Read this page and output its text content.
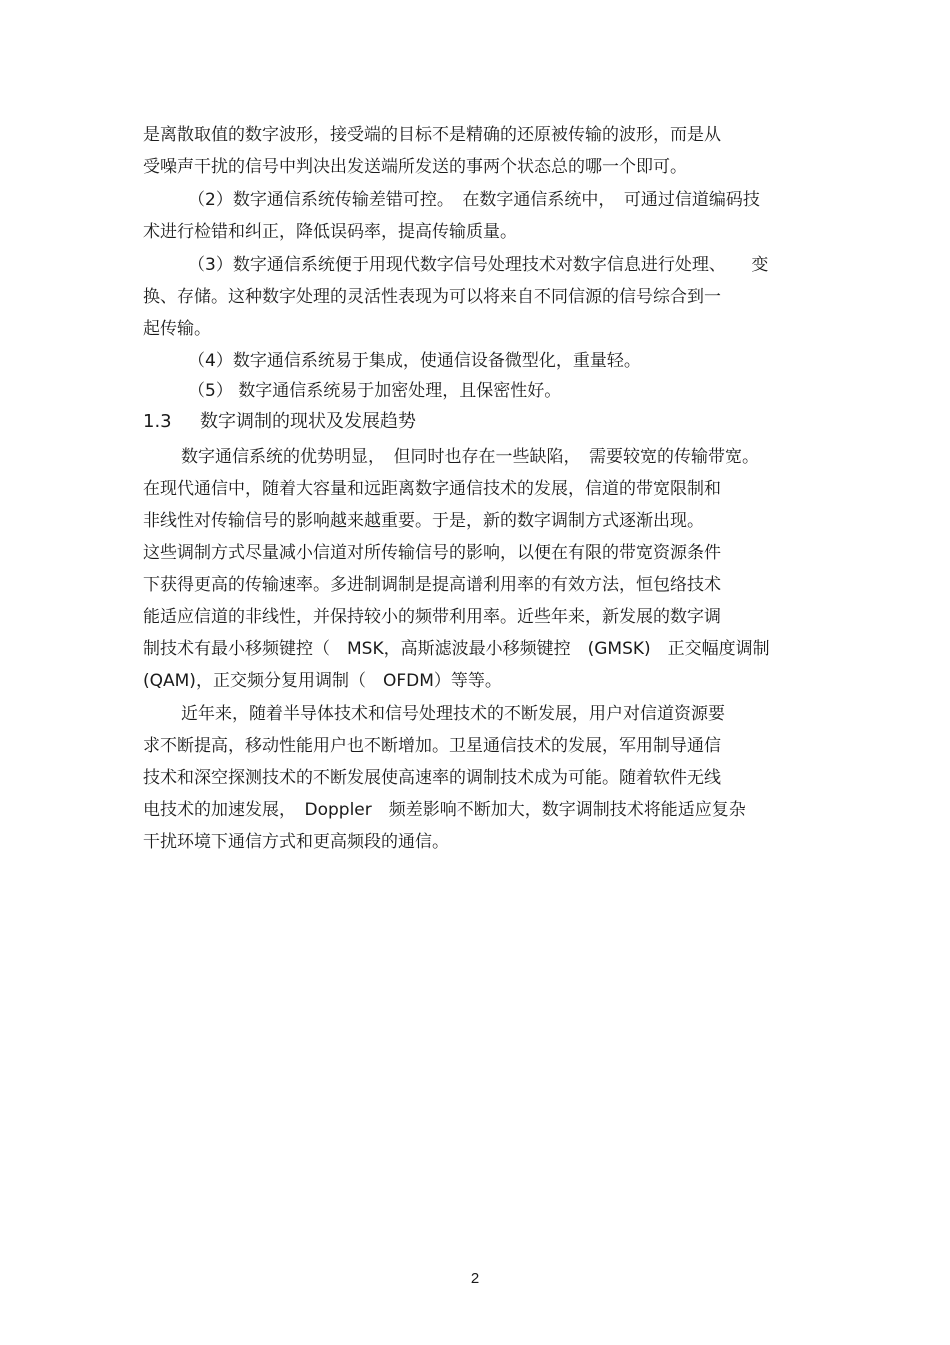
是离散取值的数字波形，接受端的目标不是精确的还原被传输的波形，而是从
受噪声干扰的信号中判决出发送端所发送的事两个状态总的哪一个即可。
（2）数字通信系统传输差错可控。　在数字通信系统中，　可通过信道编码技
术进行检错和纠正，降低误码率，提高传输质量。
（3）数字通信系统便于用现代数字信号处理技术对数字信息进行处理、　　变
换、存储。这种数字处理的灵活性表现为可以将来自不同信源的信号综合到一
起传输。
（4）数字通信系统易于集成，使通信设备微型化，重量轻。
（5） 数字通信系统易于加密处理，且保密性好。
1.3 数字调制的现状及发展趋势
数字通信系统的优势明显，　但同时也存在一些缺陷，　需要较宽的传输带宽。
在现代通信中，随着大容量和远距离数字通信技术的发展，信道的带宽限制和
非线性对传输信号的影响越来越重要。于是，新的数字调制方式逐渐出现。
这些调制方式尽量减小信道对所传输信号的影响，以便在有限的带宽资源条件
下获得更高的传输速率。多进制调制是提高谱利用率的有效方法，恒包络技术
能适应信道的非线性，并保持较小的频带利用率。近些年来，新发展的数字调
制技术有最小移频键控（　MSK，高斯滤波最小移频键控　(GMSK)　正交幅度调制
(QAM)，正交频分复用调制（　OFDM）等等。
近年来，随着半导体技术和信号处理技术的不断发展，用户对信道资源要
求不断提高，移动性能用户也不断增加。卫星通信技术的发展，军用制导通信
技术和深空探测技术的不断发展使高速率的调制技术成为可能。随着软件无线
电技术的加速发展，　Doppler　频差影响不断加大，数字调制技术将能适应复杂
干扰环境下通信方式和更高频段的通信。
2
